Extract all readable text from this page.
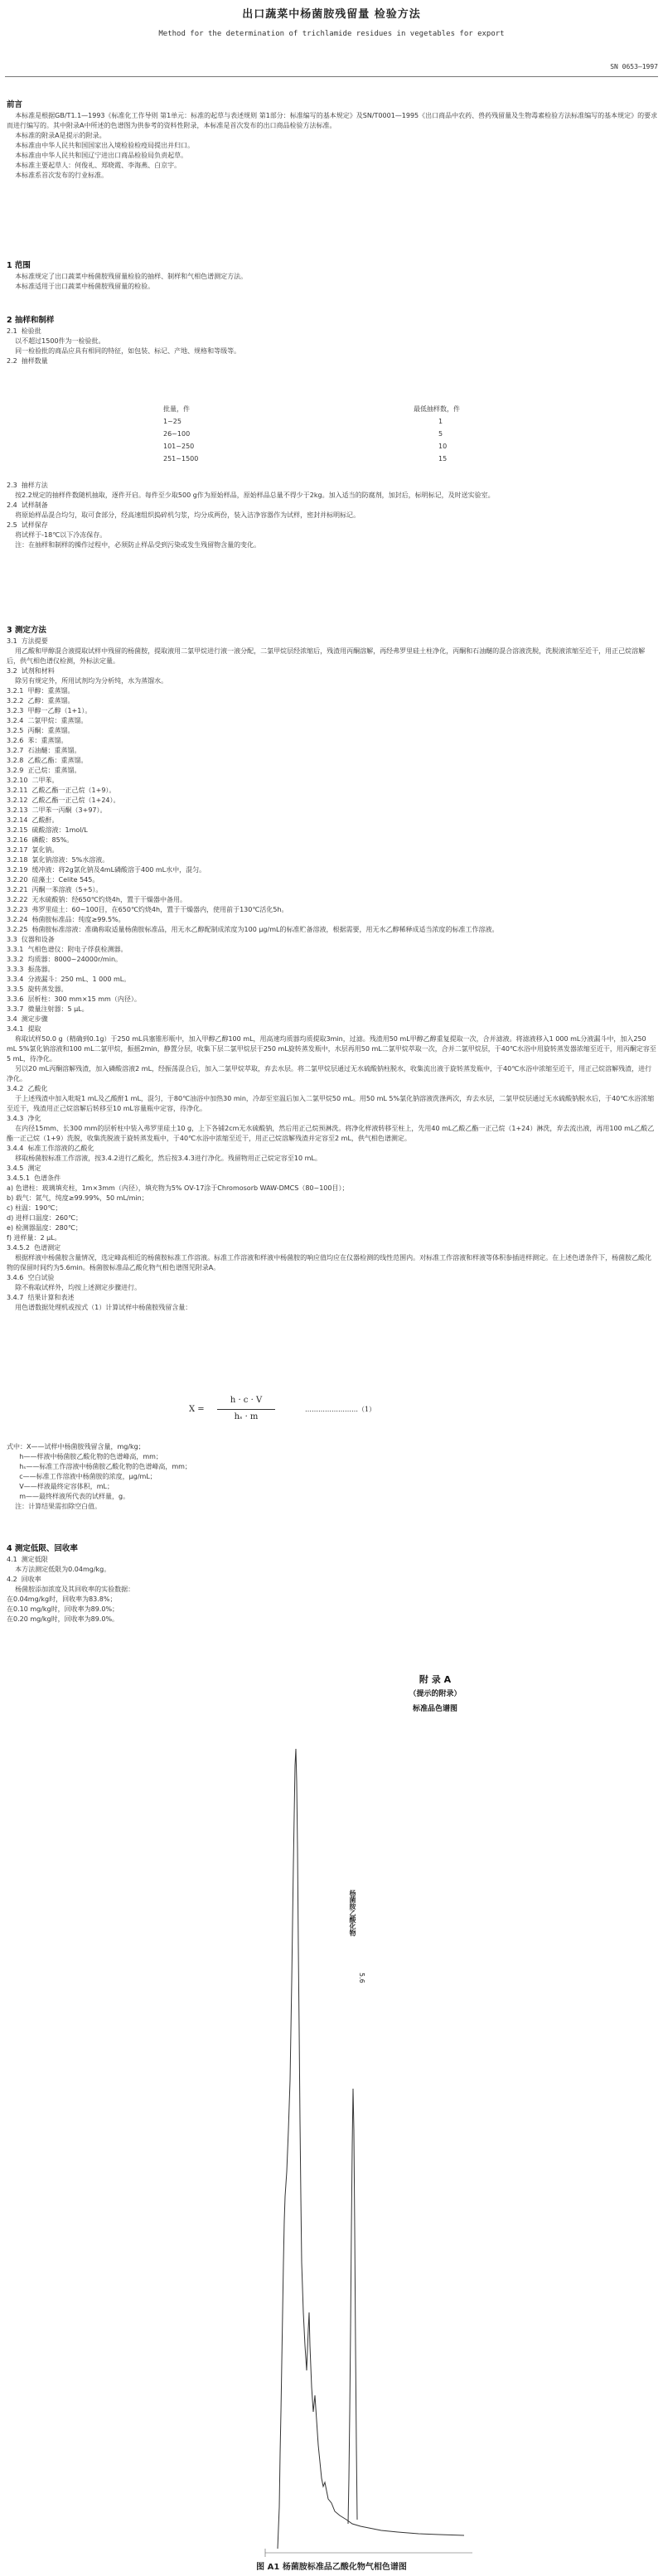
出口蔬菜中杨菌胺残留量 检验方法
Method for the determination of trichlamide residues in vegetables for export
SN 0653—1997
前言
本标准是根据GB/T1.1—1993《标准化工作导则 第1单元：标准的起草与表述规则 第1部分：标准编写的基本规定》及SN/T0001—1995《出口商品中农药、兽药残留量及生物毒素检验方法标准编写的基本规定》的要求而进行编写的。其中附录A中所述的色谱图为供参考的资料性附录，本标准是首次发布的出口商品检验方法标准。
本标准的附录A是提示的附录。
本标准由中华人民共和国国家出入境检验检疫局提出并归口。
本标准由中华人民共和国辽宁进出口商品检验局负责起草。
本标准主要起草人：何俊礼、郑晓霞、李海燕、白京宇。
本标准系首次发布的行业标准。
1 范围
本标准规定了出口蔬菜中杨菌胺残留量检验的抽样、制样和气相色谱测定方法。
本标准适用于出口蔬菜中杨菌胺残留量的检验。
2 抽样和制样
2.1  检验批
以不超过1500件为一检验批。
同一检验批的商品应具有相同的特征，如包装、标记、产地、规格和等级等。
2.2  抽样数量
批量，件	最低抽样数，件
1~25	1
26~100	5
101~250	10
251~1500	15
2.3  抽样方法
按2.2规定的抽样件数随机抽取，逐件开启。每件至少取500 g作为原始样品，原始样品总量不得少于2kg。加入适当的防腐剂，加封后，标明标记，及时送实验室。
2.4  试样制备
将原始样品混合均匀，取可食部分，经高速组织捣碎机匀浆，均分成两份，装入洁净容器作为试样，密封并标明标记。
2.5  试样保存
将试样于-18℃以下冷冻保存。
注：在抽样和制样的操作过程中，必须防止样品受到污染或发生残留物含量的变化。
3 测定方法
3.1  方法提要
用乙酸和甲醇混合液提取试样中残留的杨菌胺，提取液用二氯甲烷进行液一液分配，二氯甲烷层经浓缩后，残渣用丙酮溶解，再经弗罗里硅土柱净化，丙酮和石油醚的混合溶液洗脱，洗脱液浓缩至近干，用正己烷溶解后，供气相色谱仪检测，外标法定量。
3.2  试剂和材料
除另有规定外，所用试剂均为分析纯，水为蒸馏水。
3.2.1  甲醇：重蒸馏。
3.2.2  乙醇：重蒸馏。
3.2.3  甲醇一乙醇（1+1）。
3.2.4  二氯甲烷：重蒸馏。
3.2.5  丙酮：重蒸馏。
3.2.6  苯：重蒸馏。
3.2.7  石油醚：重蒸馏。
3.2.8  乙酸乙酯：重蒸馏。
3.2.9  正己烷：重蒸馏。
3.2.10  二甲苯。
3.2.11  乙酸乙酯一正己烷（1+9）。
3.2.12  乙酸乙酯一正己烷（1+24）。
3.2.13  二甲苯一丙酮（3+97）。
3.2.14  乙酸酐。
3.2.15  硫酸溶液：1mol/L
3.2.16  磷酸：85%。
3.2.17  氯化钠。
3.2.18  氯化钠溶液：5%水溶液。
3.2.19  缓冲液：将2g氯化钠及4mL磷酸溶于400 mL水中，混匀。
3.2.20  硅藻土：Celite 545。
3.2.21  丙酮一苯溶液（5+5）。
3.2.22  无水硫酸钠：经650℃灼烧4h，置于干燥器中备用。
3.2.23  弗罗里硅土：60~100目，在650℃灼烧4h，置于干燥器内，使用前于130℃活化5h。
3.2.24  杨菌胺标准品：纯度≥99.5%。
3.2.25  杨菌胺标准溶液：准确称取适量杨菌胺标准品，用无水乙醇配制成浓度为100 μg/mL的标准贮备溶液，根据需要，用无水乙醇稀释成适当浓度的标准工作溶液。
3.3  仪器和设备
3.3.1  气相色谱仪：附电子俘获检测器。
3.3.2  均质器：8000~24000r/min。
3.3.3  振荡器。
3.3.4  分液漏斗：250 mL、1 000 mL。
3.3.5  旋转蒸发器。
3.3.6  层析柱：300 mm×15 mm（内径）。
3.3.7  微量注射器：5 μL。
3.4  测定步骤
3.4.1  提取
称取试样50.0 g（精确到0.1g）于250 mL具塞锥形瓶中，加入甲醇乙醇100 mL，用高速均质器均质提取3min，过滤。残渣用50 mL甲醇乙醇重复提取一次，合并滤液。将滤液移入1 000 mL分液漏斗中，加入250 mL 5%氯化钠溶液和100 mL二氯甲烷，振摇2min，静置分层，收集下层二氯甲烷层于250 mL旋转蒸发瓶中，水层再用50 mL二氯甲烷萃取一次，合并二氯甲烷层，于40℃水浴中用旋转蒸发器浓缩至近干，用丙酮定容至5 mL，待净化。
另以20 mL丙酮溶解残渣，加入磷酸溶液2 mL，经振荡混合后，加入二氯甲烷萃取，弃去水层。将二氯甲烷层通过无水硫酸钠柱脱水，收集流出液于旋转蒸发瓶中，于40℃水浴中浓缩至近干，用正己烷溶解残渣，进行净化。
3.4.2  乙酸化
于上述残渣中加入吡啶1 mL及乙酸酐1 mL，混匀，于80℃油浴中加热30 min，冷却至室温后加入二氯甲烷50 mL。用50 mL 5%氯化钠溶液洗涤两次，弃去水层，二氯甲烷层通过无水硫酸钠脱水后，于40℃水浴浓缩至近干，残渣用正己烷溶解后转移至10 mL容量瓶中定容，待净化。
3.4.3  净化
在内径15mm、长300 mm的层析柱中装入弗罗里硅土10 g，上下各铺2cm无水硫酸钠，然后用正己烷预淋洗。将净化样液转移至柱上，先用40 mL乙酸乙酯一正己烷（1+24）淋洗，弃去流出液，再用100 mL乙酸乙酯一正己烷（1+9）洗脱，收集洗脱液于旋转蒸发瓶中，于40℃水浴中浓缩至近干，用正己烷溶解残渣并定容至2 mL，供气相色谱测定。
3.4.4  标准工作溶液的乙酸化
移取杨菌胺标准工作溶液，按3.4.2进行乙酸化，然后按3.4.3进行净化。残留物用正己烷定容至10 mL。
3.4.5  测定
3.4.5.1  色谱条件
a) 色谱柱：玻璃填充柱，1m×3mm（内径），填充物为5% OV-17涂于Chromosorb WAW-DMCS（80~100目）；
b) 载气：氮气，纯度≥99.99%，50 mL/min；
c) 柱温：190℃；
d) 进样口温度：260℃；
e) 检测器温度：280℃；
f) 进样量：2 μL。
3.4.5.2  色谱测定
根据样液中杨菌胺含量情况，选定峰高相近的杨菌胺标准工作溶液。标准工作溶液和样液中杨菌胺的响应值均应在仪器检测的线性范围内。对标准工作溶液和样液等体积参插进样测定。在上述色谱条件下，杨菌胺乙酸化物的保留时间约为5.6min。杨菌胺标准品乙酸化物气相色谱图见附录A。
3.4.6  空白试验
除不称取试样外，均按上述测定步骤进行。
3.4.7  结果计算和表述
用色谱数据处理机或按式（1）计算试样中杨菌胺残留含量：
X =
h · c · V
hₛ · m
……………………（1）
式中：X——试样中杨菌胺残留含量，mg/kg；
h——样液中杨菌胺乙酸化物的色谱峰高，mm；
hₛ——标准工作溶液中杨菌胺乙酸化物的色谱峰高，mm；
c——标准工作溶液中杨菌胺的浓度，μg/mL；
V——样液最终定容体积，mL；
m——最终样液所代表的试样量，g。
注：计算结果需扣除空白值。
4 测定低限、回收率
4.1  测定低限
本方法测定低限为0.04mg/kg。
4.2  回收率
杨菌胺添加浓度及其回收率的实验数据：
在0.04mg/kg时，回收率为83.8%；
在0.10 mg/kg时，回收率为89.0%；
在0.20 mg/kg时，回收率为89.0%。
附 录 A
（提示的附录）
标准品色谱图
杨菌胺乙酸化物
5.6
图 A1 杨菌胺标准品乙酸化物气相色谱图
